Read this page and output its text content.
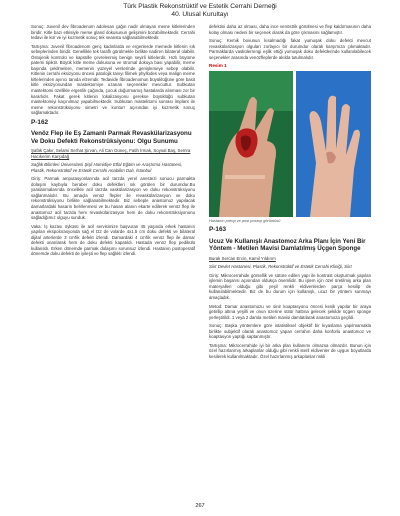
Türk Plastik Rekonstrüktif ve Estetik Cerrahi Derneği
40. Ulusal Kurultayı

Sonuç: Juvenil dev fibroadenom adolesan çağın nadir olmayan meme kitlelerinden biridir. Kitle bazı etkisiyle meme gland dokusunun gelişimini bozabilmektedir. Cerrahi tedavi ile kür ve iyi kozmetik sonuç tek seansta sağlanabilmektedir.

Tartışma: Juvenil fibroadenom genç kadınlarda ve ergenlerde memede kitlenin sık sebeplerinden biridir. Genellikle tek taraflı görülmekle birlikte nadiren bilateral olabilir. Östojenik kontrolü ve kapsülle çevrelenmiş benign seyirli kitlelerdir. Hızlı büyüme paterni tipiktir. Büyük kitle meme dokusuna ve stromal dokuya bası yapabilir, meme başında çekilmelere, memenin yüzeyel venlerinde genişlemeye sebep olabilir. Kitlenin cerrahi eksizyonu öncesi patolojik tanıyı filimek phyllodes veya malign meme kitlelerinden ayırıcı tanıda elzemdir. Tedavide fibroadenomun büyüklüğüne göre basit kitle eksizyonundan mastektomiye uzanan seçenekler mevcuttur. Subkutan mastektomi özellikle ergenlik çağında, çocuk doğurmamış hastalarda alınması zor bir kararlıdır. Fakat gerek kitlenin lokalizasyonu gerekse büyüklüğü subkutan mastektomiyi kaçınılmaz yapabilmektedir. Subkutan mastektomi sonrası implant ile meme rekonstrüksiyonu simetri ve konturr açısından iyi kozmetik sonuç sağlamaktadır.

P-162
Venöz Flep ile Eş Zamanlı Parmak Revaskülarizasyonu Ve Doku Defekti Rekonstrüksiyonu: Olgu Sunumu

Şafak Çakır, Selami Serhat Şirvan, Ali Can Güneç, Fatih İrmak, Soysal Baş, Semra Hacıkerim Karşıdağ

Sağlık Bilimleri Üniversitesi Şişli Hamidiye Etfal Eğitim ve Araştırma Hastanesi, Plastik, Rekonstrüktif ve Estetik Cerrahi Anabilim Dalı, İstanbul

Giriş: Parmak amputasyonlarında acil tarzda yerel anestezi sonucu parmakta dolaşım kaybıyla beraber doku defektleri sık görülen bir durumdur.Bu yaralanmalarında öncelikle acil tarzda vaskülarizasyon ve doku rekonstrüksiyonu sağlanmalıdır. Bu amaçla venöz flepler ile revaskülarizasyon ve doku rekonstrüksiyonu birlikte sağlanabilmektedir. Biz sebeple anastomoz yapılacak damarlardaki hasarın belirlenmesi ve bu hasarı alanın ekarte edilerek venöz flep ile anastomoz acil tarzda hem revaskülarizasyon hem de doku rekonstrüksiyonunu sağladığımız olguyu sunduk.

Vaka: İş kazası öyküsü ile acil servisimize başvuran 45 yaşında erkek hastanın yapılan ekspolorasyonda sağ el D2 de volarde 4x1.5 cm doku defekti ve bilateral dijital arterlerde 3 cm'lik defekt izlendi. Damardaki 4 cm'lik venöz flep ile damar defekti onarılarak hem de doku defekti kapatıldı. Hastada venöz flep pedikülü kullanıldı. Erken dönemde parmak dolaşımı sorunsuz izlendi. Hastanın postoperatif dönemde doku defekti de iyileşti ve flep sağlıklı izlendi.

defektini daha az olması, daha ince venöstrik görülmesi ve flep kaldırmasının daha kolay olması nedeni bir seçenek olarak da göre çıkmasını sağlamıştır.

Sonuç: Kemik bovunun kısalmadığı fakat yumuşak doku defekti mevcut revaskülarizasyon olguları zorlayıcı bir durumdur olarak karşımıza çıkmaktadır. Parmaklarda vaskülerrengi eşlik ettiği yumuşak doku defektlerinde kullanılabilecek seçenekler arasında venözfleplerde akılda tutulmalıdır.

Resim 1
Hastanın preop ve post postop görüntüsü
P-163
Ucuz Ve Kullanışlı Anastomoz Arka Planı İçin Yeni Bir Yöntem - Metilen Mavisi Damlatılmış Üçgen Sponge

Burak Sercan Ercin, Kamil Yıldırım

Siirt Devlet Hastanesi, Plastik, Rekonstrüktif ve Estetik Cerrahi Kliniği, Siirt

Giriş: Mikrocerrahide görsellik ve sütüre edilen yapı ile kontrast oluşturmak yapılan işlemin başarısı açısından oldukça önemlidir. Bu işlem için özel üretilmiş arka plan materyalleri olduğu gibi yeşil renkli eldivenlerden parça kesilip de kullanılabilmektedir. Biz de bu durum için kullanışlı, ucuz bir yöntem sunmayı amaçladık.

Metod: Damar anastomozu ve sinir koaptasyonu öncesi kesik yapılar bir araya getirilip altına yeşilli ve onun üzerine sütür hattına gelecek şekilde üçgen sponge yerleştirildi. 1 veya 2 damla metilen mavisi damlatılarak anastomoza geçildi.

Sonuç: Başka yöntemlere göre istatistiksel objektif bir kıyaslama yapılmamakla birlikte subjektif olarak anastomoz yapan cerrahın daha konforlu anastomoz ve koaptasyon yaptığı saptanmıştır.

Tartışma: Mikrocerrahide iyi bir arka plan kullanımı olmazsa olmazdır. Bunun için özel hazırlanmış arkaplanlar olduğu gibi renkli steril eldivenler de uygun boyutlarda kesilerek kullanılmaktadır. Özel hazırlanmış arkaplanlar riskli

267
